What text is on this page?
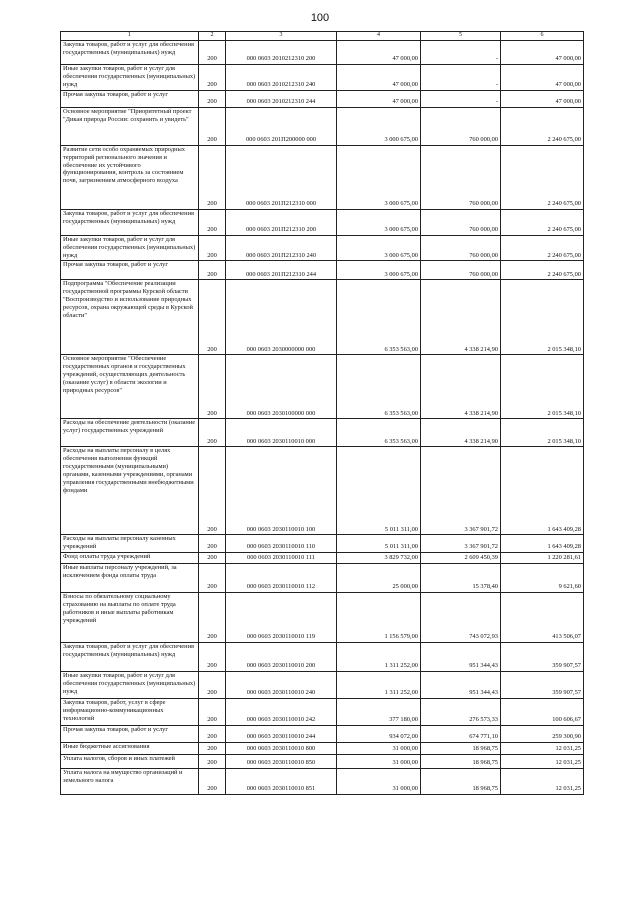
100
1	2	3	4	5	6

Закупка товаров, работ и услуг для обеспечения государственных (муниципальных) нужд	200	000 0603 2010212310 200	47 000,00	-	47 000,00

Иные закупки товаров, работ и услуг для обеспечения государственных (муниципальных) нужд	200	000 0603 2010212310 240	47 000,00	-	47 000,00

Прочая закупка товаров, работ и услуг	200	000 0603 2010212310 244	47 000,00	-	47 000,00

Основное мероприятие "Приоритетный проект "Дикая природа России: сохранить и увидеть"	200	000 0603 201П200000 000	3 000 675,00	760 000,00	2 240 675,00

Развитие сети особо охраняемых природных территорий регионального значения и обеспечение их устойчивого функционирования, контроль за состоянием почв, загрязнением атмосферного воздуха	200	000 0603 201П212310 000	3 000 675,00	760 000,00	2 240 675,00

Закупка товаров, работ и услуг для обеспечения государственных (муниципальных) нужд	200	000 0603 201П212310 200	3 000 675,00	760 000,00	2 240 675,00

Иные закупки товаров, работ и услуг для обеспечения государственных (муниципальных) нужд	200	000 0603 201П212310 240	3 000 675,00	760 000,00	2 240 675,00

Прочая закупка товаров, работ и услуг	200	000 0603 201П212310 244	3 000 675,00	760 000,00	2 240 675,00

Подпрограмма "Обеспечение реализации государственной программы Курской области "Воспроизводство и использование природных ресурсов, охрана окружающей среды в Курской области"	200	000 0603 2030000000 000	6 353 563,00	4 338 214,90	2 015 348,10

Основное мероприятие "Обеспечение государственных органов и государственных учреждений, осуществляющих деятельность (оказание услуг) в области экологии и природных ресурсов"	200	000 0603 2030100000 000	6 353 563,00	4 338 214,90	2 015 348,10

Расходы на обеспечение деятельности (оказание услуг) государственных учреждений	200	000 0603 2030110010 000	6 353 563,00	4 338 214,90	2 015 348,10

Расходы на выплаты персоналу в целях обеспечения выполнения функций государственными (муниципальными) органами, казенными учреждениями, органами управления государственными внебюджетными фондами	200	000 0603 2030110010 100	5 011 311,00	3 367 901,72	1 643 409,28

Расходы на выплаты персоналу казенных учреждений	200	000 0603 2030110010 110	5 011 311,00	3 367 901,72	1 643 409,28

Фонд оплаты труда учреждений	200	000 0603 2030110010 111	3 829 732,00	2 609 450,39	1 220 281,61

Иные выплаты персоналу учреждений, за исключением фонда оплаты труда	200	000 0603 2030110010 112	25 000,00	15 378,40	9 621,60

Взносы по обязательному социальному страхованию на выплаты по оплате труда работников и иные выплаты работникам учреждений	200	000 0603 2030110010 119	1 156 579,00	743 072,93	413 506,07

Закупка товаров, работ и услуг для обеспечения государственных (муниципальных) нужд	200	000 0603 2030110010 200	1 311 252,00	951 344,43	359 907,57

Иные закупки товаров, работ и услуг для обеспечения государственных (муниципальных) нужд	200	000 0603 2030110010 240	1 311 252,00	951 344,43	359 907,57

Закупка товаров, работ, услуг в сфере информационно-коммуникационных технологий	200	000 0603 2030110010 242	377 180,00	276 573,33	100 606,67

Прочая закупка товаров, работ и услуг	200	000 0603 2030110010 244	934 072,00	674 771,10	259 300,90

Иные бюджетные ассигнования	200	000 0603 2030110010 800	31 000,00	18 968,75	12 031,25

Уплата налогов, сборов и иных платежей	200	000 0603 2030110010 850	31 000,00	18 968,75	12 031,25

Уплата налога на имущество организаций и земельного налога	200	000 0603 2030110010 851	31 000,00	18 968,75	12 031,25
